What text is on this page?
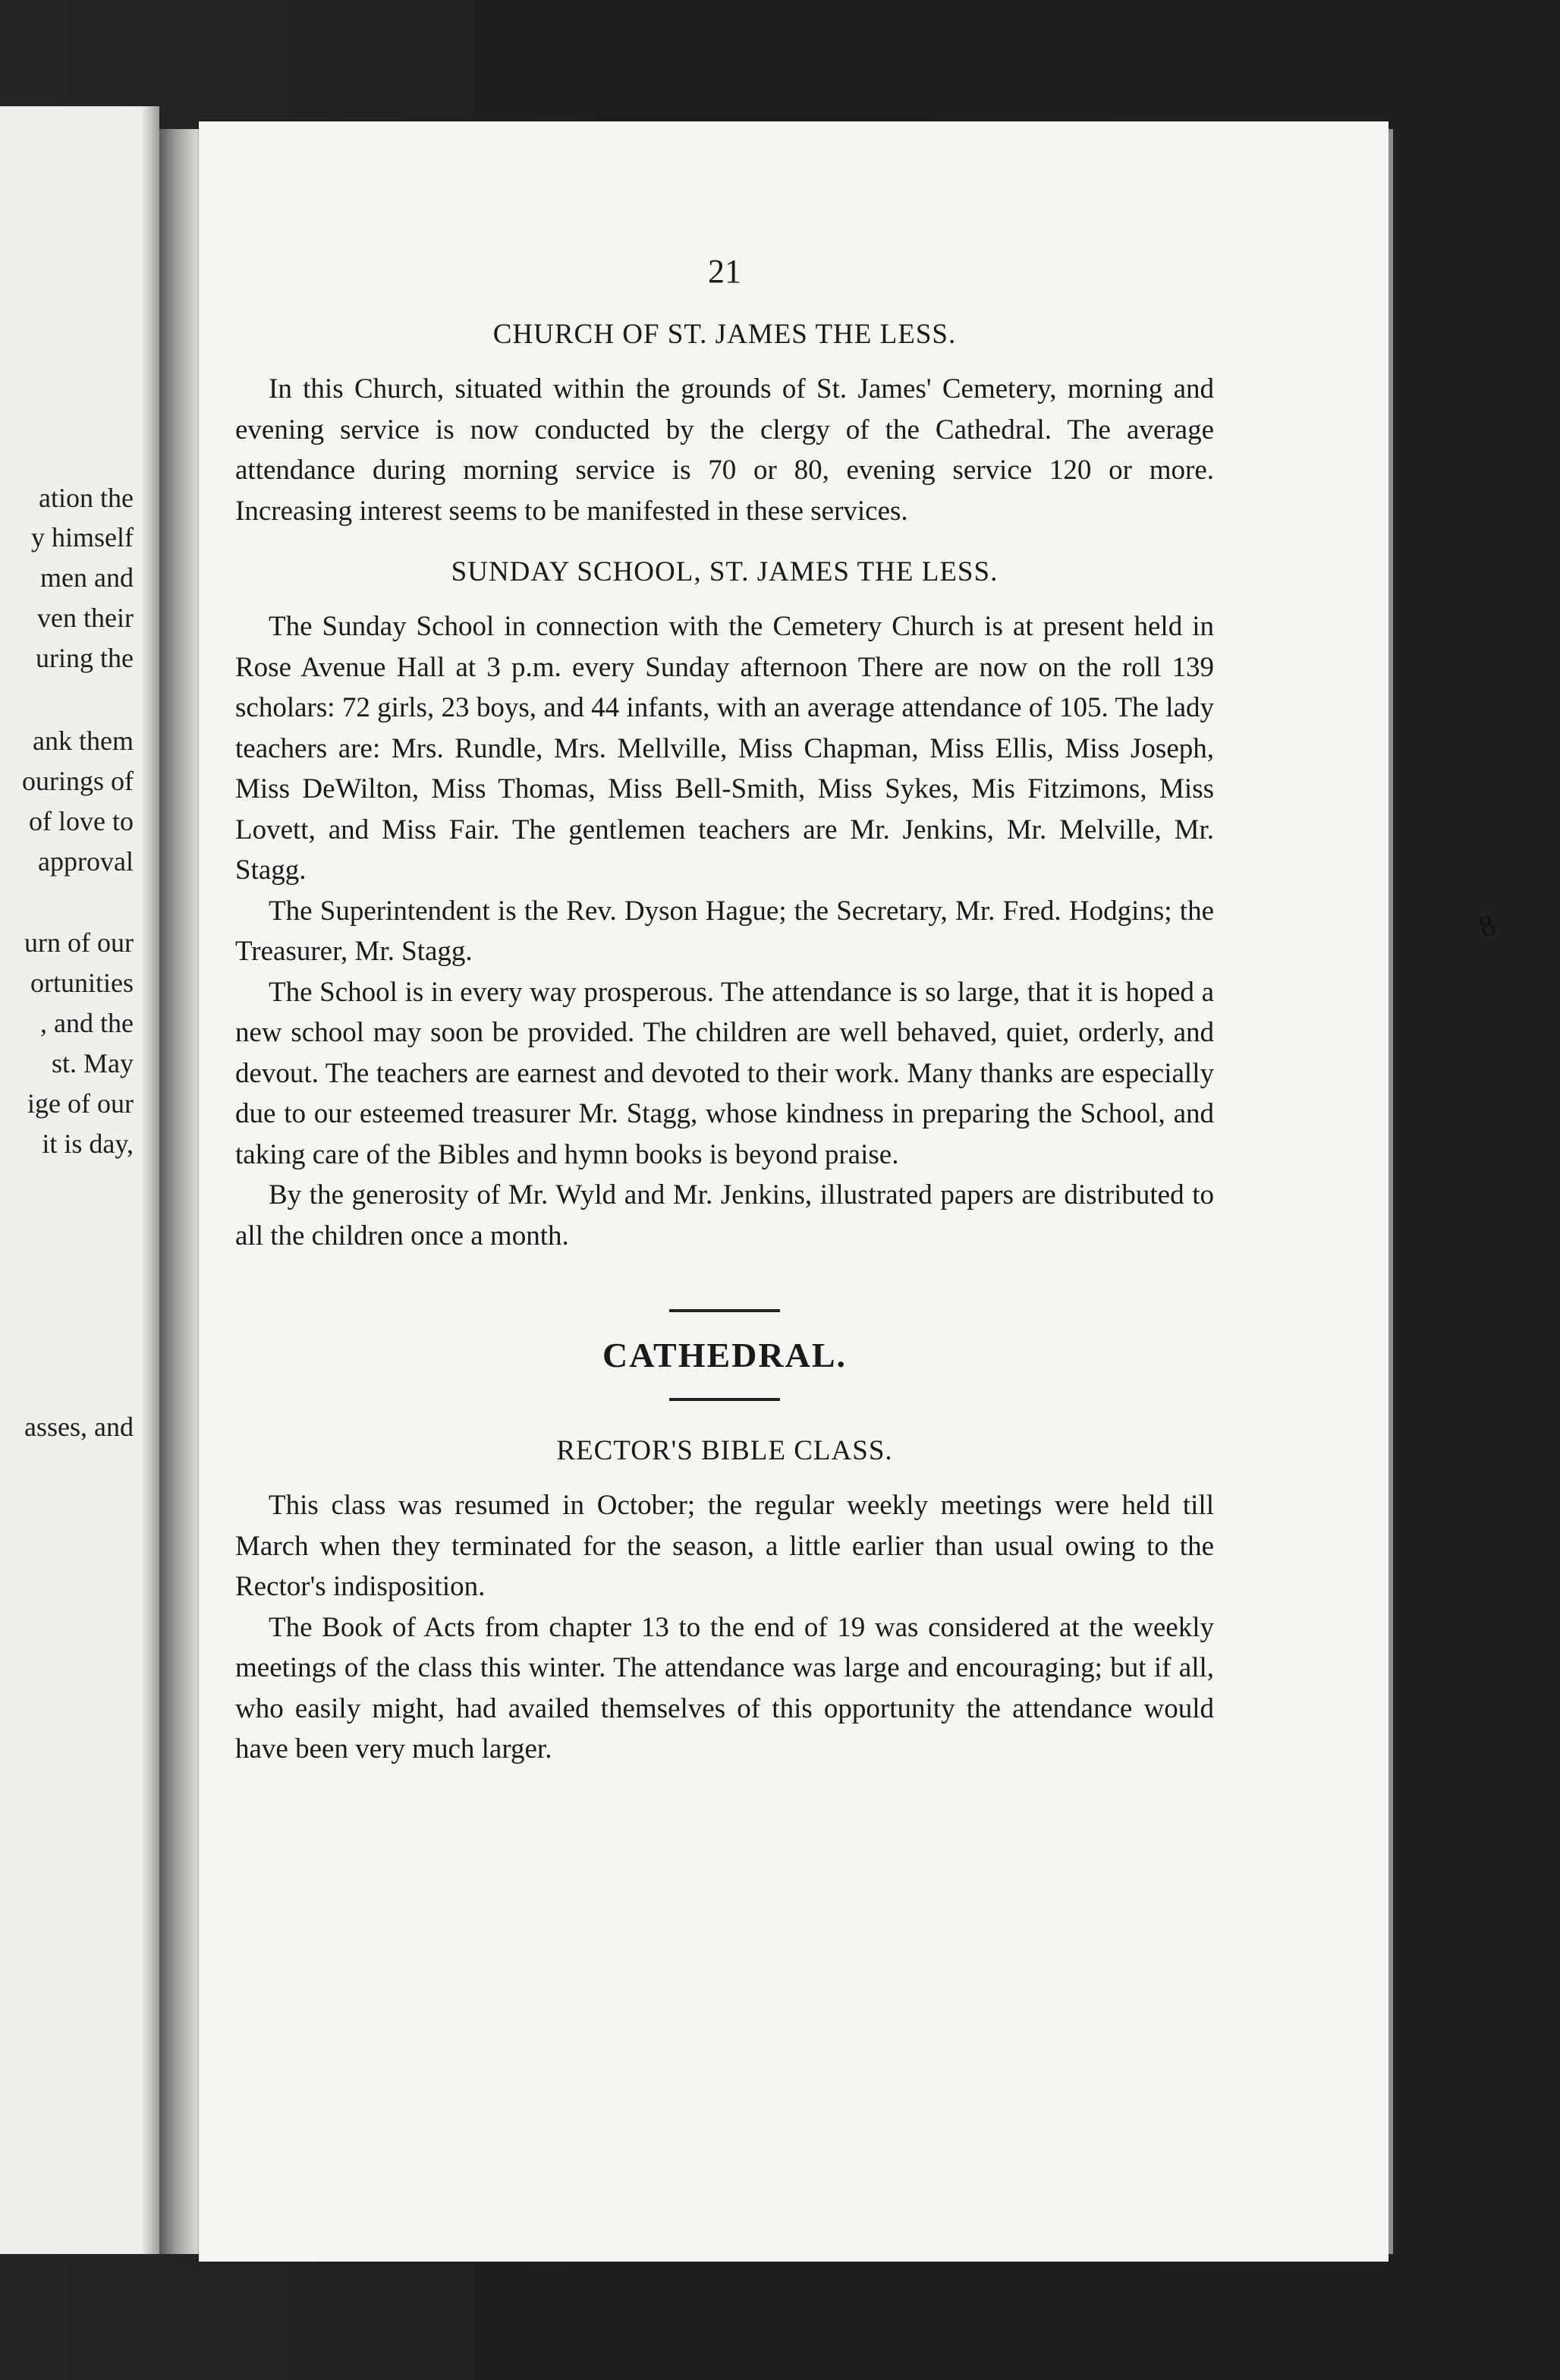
ation the
y himself
men and
ven their
uring the
ank them
ourings of
of love to
approval
urn of our
ortunities
, and the
st. May
ige of our
it is day,
asses, and
21
CHURCH OF ST. JAMES THE LESS.

In this Church, situated within the grounds of St. James' Cemetery, morning and evening service is now conducted by the clergy of the Cathedral. The average attendance during morning service is 70 or 80, evening service 120 or more. Increasing interest seems to be manifested in these services.

SUNDAY SCHOOL, ST. JAMES THE LESS.

The Sunday School in connection with the Cemetery Church is at present held in Rose Avenue Hall at 3 p.m. every Sunday afternoon There are now on the roll 139 scholars: 72 girls, 23 boys, and 44 infants, with an average attendance of 105. The lady teachers are: Mrs. Rundle, Mrs. Mellville, Miss Chapman, Miss Ellis, Miss Joseph, Miss DeWilton, Miss Thomas, Miss Bell-Smith, Miss Sykes, Mis Fitzimons, Miss Lovett, and Miss Fair. The gentlemen teachers are Mr. Jenkins, Mr. Melville, Mr. Stagg.

The Superintendent is the Rev. Dyson Hague; the Secretary, Mr. Fred. Hodgins; the Treasurer, Mr. Stagg.

The School is in every way prosperous. The attendance is so large, that it is hoped a new school may soon be provided. The children are well behaved, quiet, orderly, and devout. The teachers are earnest and devoted to their work. Many thanks are especially due to our esteemed treasurer Mr. Stagg, whose kindness in preparing the School, and taking care of the Bibles and hymn books is beyond praise.

By the generosity of Mr. Wyld and Mr. Jenkins, illustrated papers are distributed to all the children once a month.

CATHEDRAL.
RECTOR'S BIBLE CLASS.

This class was resumed in October; the regular weekly meetings were held till March when they terminated for the season, a little earlier than usual owing to the Rector's indisposition.

The Book of Acts from chapter 13 to the end of 19 was considered at the weekly meetings of the class this winter. The attendance was large and encouraging; but if all, who easily might, had availed themselves of this opportunity the attendance would have been very much larger.

8
